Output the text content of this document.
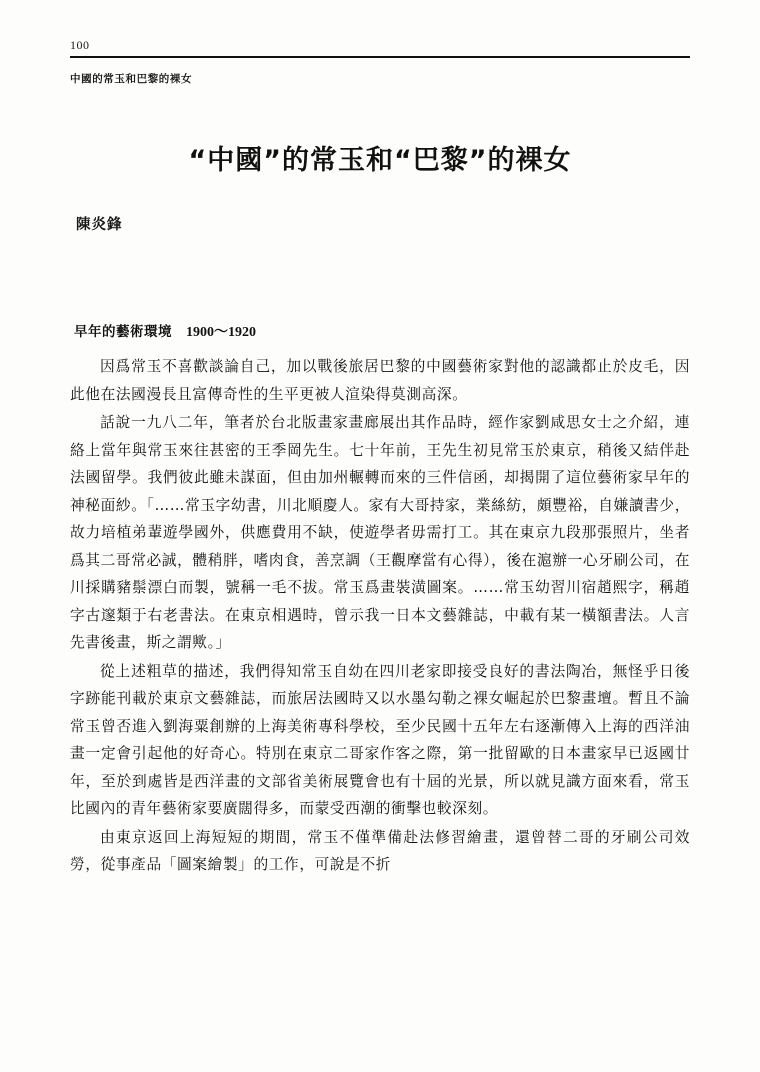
100
中國的常玉和巴黎的裸女
“中國”的常玉和“巴黎”的裸女
陳炎鋒
早年的藝術環境 1900～1920

因爲常玉不喜歡談論自己，加以戰後旅居巴黎的中國藝術家對他的認識都止於皮毛，因此他在法國漫長且富傳奇性的生平更被人渲染得莫測高深。

話說一九八二年，筆者於台北版畫家畫廊展出其作品時，經作家劉咸思女士之介紹，連絡上當年與常玉來往甚密的王季岡先生。七十年前，王先生初見常玉於東京，稍後又結伴赴法國留學。我們彼此雖未謀面，但由加州輾轉而來的三件信函，却揭開了這位藝術家早年的神秘面紗。「……常玉字幼書，川北順慶人。家有大哥持家，業絲紡，頗豐裕，自嫌讀書少，故力培植弟輩遊學國外，供應費用不缺，使遊學者毋需打工。其在東京九段那張照片，坐者爲其二哥常必誠，體稍胖，嗜肉食，善烹調（王觀摩當有心得），後在滬辦一心牙刷公司，在川採購豬鬃漂白而製，號稱一毛不拔。常玉爲畫裝潢圖案。……常玉幼習川宿趙熙字，稱趙字古邃類于右老書法。在東京相遇時，曾示我一日本文藝雜誌，中載有某一橫額書法。人言先書後畫，斯之謂歟。」

從上述粗草的描述，我們得知常玉自幼在四川老家即接受良好的書法陶冶，無怪乎日後字跡能刊載於東京文藝雜誌，而旅居法國時又以水墨勾勒之裸女崛起於巴黎畫壇。暫且不論常玉曾否進入劉海粟創辦的上海美術專科學校，至少民國十五年左右逐漸傳入上海的西洋油畫一定會引起他的好奇心。特別在東京二哥家作客之際，第一批留歐的日本畫家早已返國廿年，至於到處皆是西洋畫的文部省美術展覽會也有十屆的光景，所以就見識方面來看，常玉比國內的青年藝術家要廣闊得多，而蒙受西潮的衝擊也較深刻。

由東京返回上海短短的期間，常玉不僅準備赴法修習繪畫，還曾替二哥的牙刷公司效勞，從事產品「圖案繪製」的工作，可說是不折
